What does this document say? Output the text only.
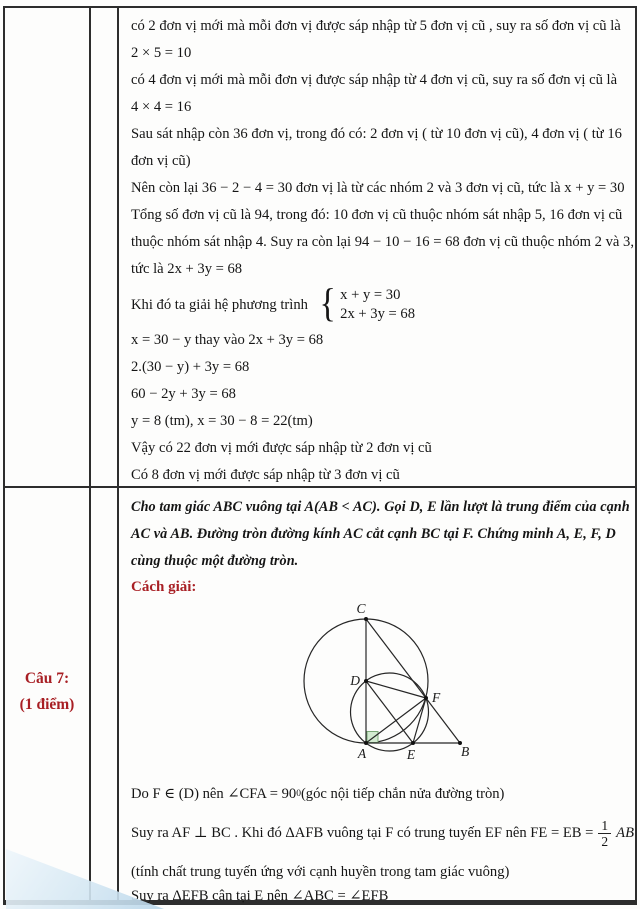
Câu 7:
(1 điểm)
có 2 đơn vị mới mà mỗi đơn vị được sáp nhập từ 5 đơn vị cũ , suy ra số đơn vị cũ là
2 × 5 = 10
có 4 đơn vị mới mà mỗi đơn vị được sáp nhập từ 4 đơn vị cũ, suy ra số đơn vị cũ là
4 × 4 = 16
Sau sát nhập còn 36 đơn vị, trong đó có: 2 đơn vị ( từ 10 đơn vị cũ), 4 đơn vị ( từ 16
đơn vị cũ)
Nên còn lại 36 − 2 − 4 = 30 đơn vị là từ các nhóm 2 và 3 đơn vị cũ, tức là x + y = 30
Tổng số đơn vị cũ là 94, trong đó: 10 đơn vị cũ thuộc nhóm sát nhập 5, 16 đơn vị cũ
thuộc nhóm sát nhập 4. Suy ra còn lại 94 − 10 − 16 = 68 đơn vị cũ thuộc nhóm 2 và 3,
tức là 2x + 3y = 68
Khi đó ta giải hệ phương trình { x + y = 30
2x + 3y = 68
x = 30 − y thay vào 2x + 3y = 68
2.(30 − y) + 3y = 68
60 − 2y + 3y = 68
y = 8 (tm), x = 30 − 8 = 22(tm)
Vậy có 22 đơn vị mới được sáp nhập từ 2 đơn vị cũ
Có 8 đơn vị mới được sáp nhập từ 3 đơn vị cũ
Cho tam giác ABC vuông tại A(AB < AC). Gọi D, E lần lượt là trung điểm của cạnh
AC và AB. Đường tròn đường kính AC cắt cạnh BC tại F. Chứng minh A, E, F, D
cùng thuộc một đường tròn.
Cách giải:
C
D
F
A	E	B
Do F ∈ (D) nên ∠CFA = 90 0 (góc nội tiếp chắn nửa đường tròn)
Suy ra AF ⊥ BC . Khi đó ΔAFB vuông tại F có trung tuyến EF nên FE = EB = $\frac{1}{2}$ AB
(tính chất trung tuyến ứng với cạnh huyền trong tam giác vuông)
Suy ra ΔEFB cân tại E nên ∠ABC = ∠EFB
